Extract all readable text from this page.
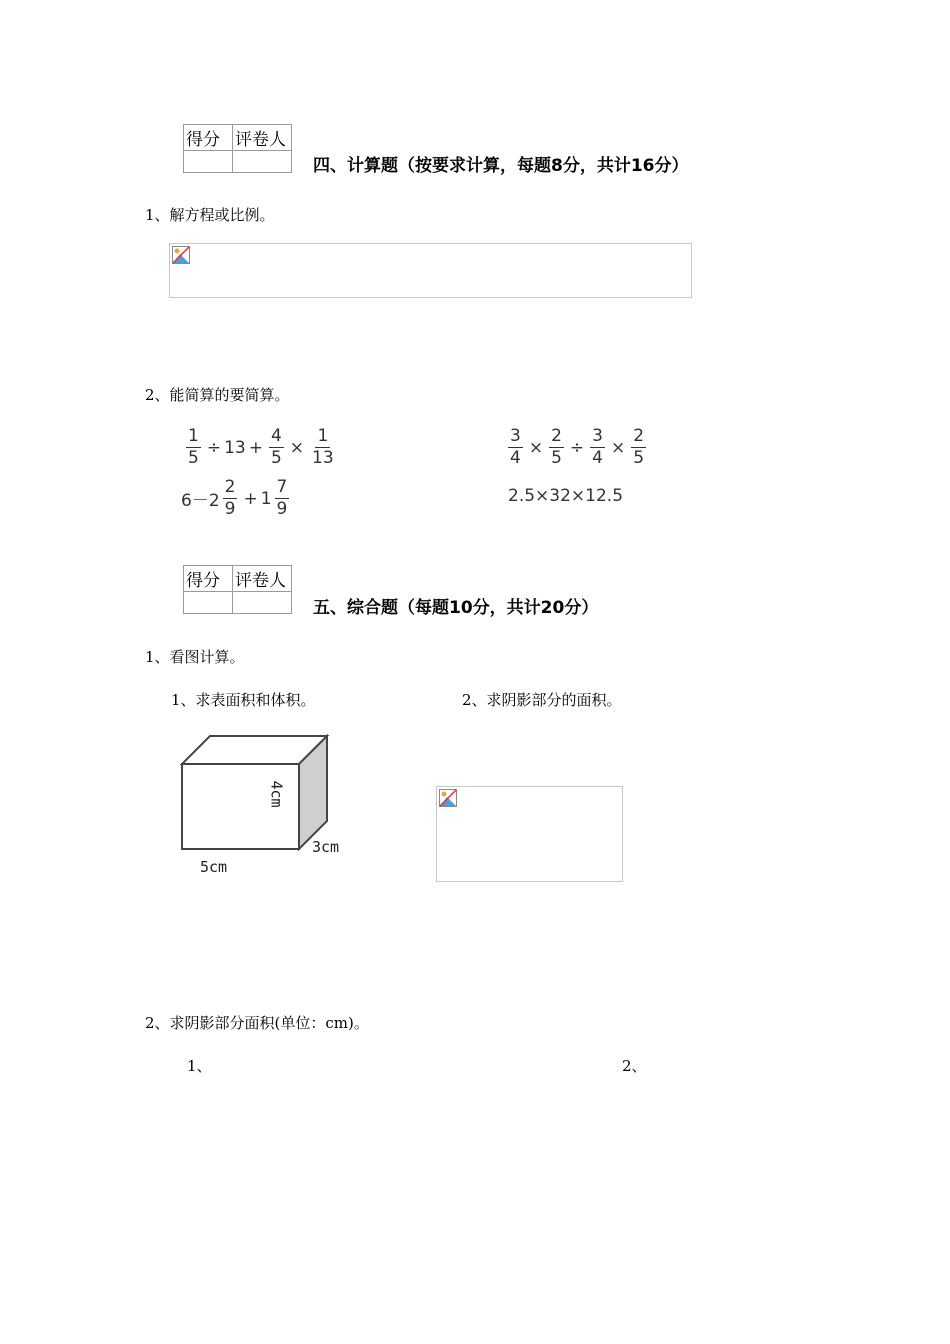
得分	评卷人

四、计算题（按要求计算，每题8分，共计16分）
1、解方程或比例。
2、能简算的要简算。
$\frac{1}{5} \div 13 + \frac{4}{5} \times \frac{1}{13}$	$\frac{3}{4} \times \frac{2}{5} \div \frac{3}{4} \times \frac{2}{5}$
$6-2 \frac{2}{9} + 1 \frac{7}{9}$	2.5×32×12.5
得分	评卷人

五、综合题（每题10分，共计20分）
1、看图计算。
1、求表面积和体积。	2、求阴影部分的面积。
4cm
3cm
5cm
2、求阴影部分面积(单位：cm)。
1、	2、
